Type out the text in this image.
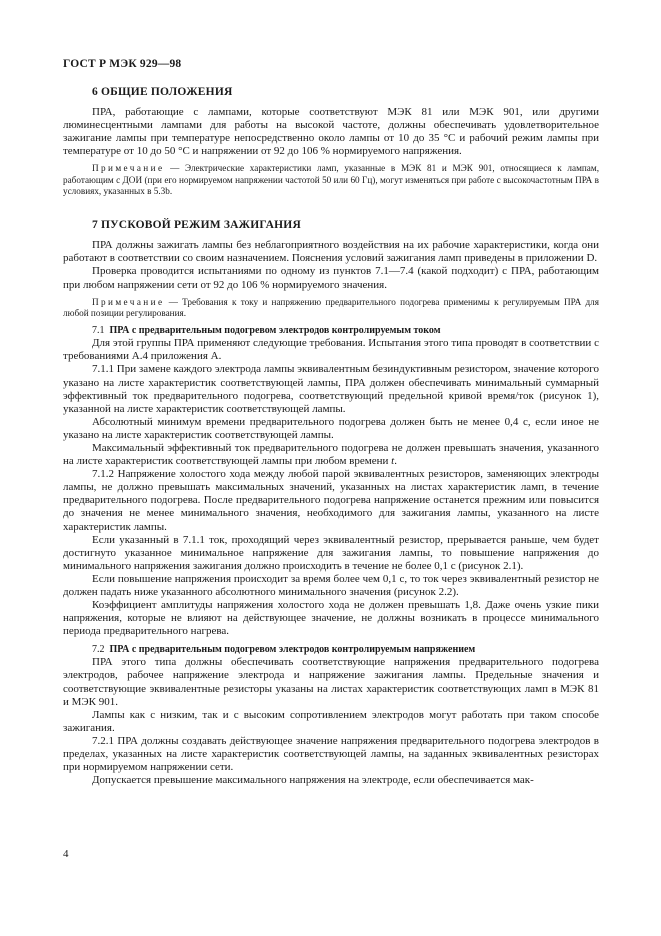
ГОСТ Р МЭК 929—98
6 ОБЩИЕ ПОЛОЖЕНИЯ

ПРА, работающие с лампами, которые соответствуют МЭК 81 или МЭК 901, или другими люминесцентными лампами для работы на высокой частоте, должны обеспечивать удовлетворительное зажигание лампы при температуре непосредственно около лампы от 10 до 35 °С и рабочий режим лампы при температуре от 10 до 50 °С и напряжении от 92 до 106 % нормируемого напряжения.

Примечание — Электрические характеристики ламп, указанные в МЭК 81 и МЭК 901, относящиеся к лампам, работающим с ДОИ (при его нормируемом напряжении частотой 50 или 60 Гц), могут изменяться при работе с высокочастотным ПРА в условиях, указанных в 5.3b.

7 ПУСКОВОЙ РЕЖИМ ЗАЖИГАНИЯ

ПРА должны зажигать лампы без неблагоприятного воздействия на их рабочие характеристики, когда они работают в соответствии со своим назначением. Пояснения условий зажигания ламп приведены в приложении D.

Проверка проводится испытаниями по одному из пунктов 7.1—7.4 (какой подходит) с ПРА, работающим при любом напряжении сети от 92 до 106 % нормируемого значения.

Примечание — Требования к току и напряжению предварительного подогрева применимы к регулируемым ПРА для любой позиции регулирования.

7.1 ПРА с предварительным подогревом электродов контролируемым током

Для этой группы ПРА применяют следующие требования. Испытания этого типа проводят в соответствии с требованиями А.4 приложения А.

7.1.1 При замене каждого электрода лампы эквивалентным безиндуктивным резистором, значение которого указано на листе характеристик соответствующей лампы, ПРА должен обеспечивать минимальный суммарный эффективный ток предварительного подогрева, соответствующий предельной кривой время/ток (рисунок 1), указанной на листе характеристик соответствующей лампы.

Абсолютный минимум времени предварительного подогрева должен быть не менее 0,4 с, если иное не указано на листе характеристик соответствующей лампы.

Максимальный эффективный ток предварительного подогрева не должен превышать значения, указанного на листе характеристик соответствующей лампы при любом времени t.

7.1.2 Напряжение холостого хода между любой парой эквивалентных резисторов, заменяющих электроды лампы, не должно превышать максимальных значений, указанных на листах характеристик ламп, в течение предварительного подогрева. После предварительного подогрева напряжение останется прежним или повысится до значения не менее минимального значения, необходимого для зажигания лампы, указанного на листе характеристик лампы.

Если указанный в 7.1.1 ток, проходящий через эквивалентный резистор, прерывается раньше, чем будет достигнуто указанное минимальное напряжение для зажигания лампы, то повышение напряжения до минимального напряжения зажигания должно происходить в течение не более 0,1 с (рисунок 2.1).

Если повышение напряжения происходит за время более чем 0,1 с, то ток через эквивалентный резистор не должен падать ниже указанного абсолютного минимального значения (рисунок 2.2).

Коэффициент амплитуды напряжения холостого хода не должен превышать 1,8. Даже очень узкие пики напряжения, которые не влияют на действующее значение, не должны возникать в процессе минимального периода предварительного нагрева.

7.2 ПРА с предварительным подогревом электродов контролируемым напряжением

ПРА этого типа должны обеспечивать соответствующие напряжения предварительного подогрева электродов, рабочее напряжение электрода и напряжение зажигания лампы. Предельные значения и соответствующие эквивалентные резисторы указаны на листах характеристик соответствующих ламп в МЭК 81 и МЭК 901.

Лампы как с низким, так и с высоким сопротивлением электродов могут работать при таком способе зажигания.

7.2.1 ПРА должны создавать действующее значение напряжения предварительного подогрева электродов в пределах, указанных на листе характеристик соответствующей лампы, на заданных эквивалентных резисторах при нормируемом напряжении сети.

Допускается превышение максимального напряжения на электроде, если обеспечивается мак-

4
